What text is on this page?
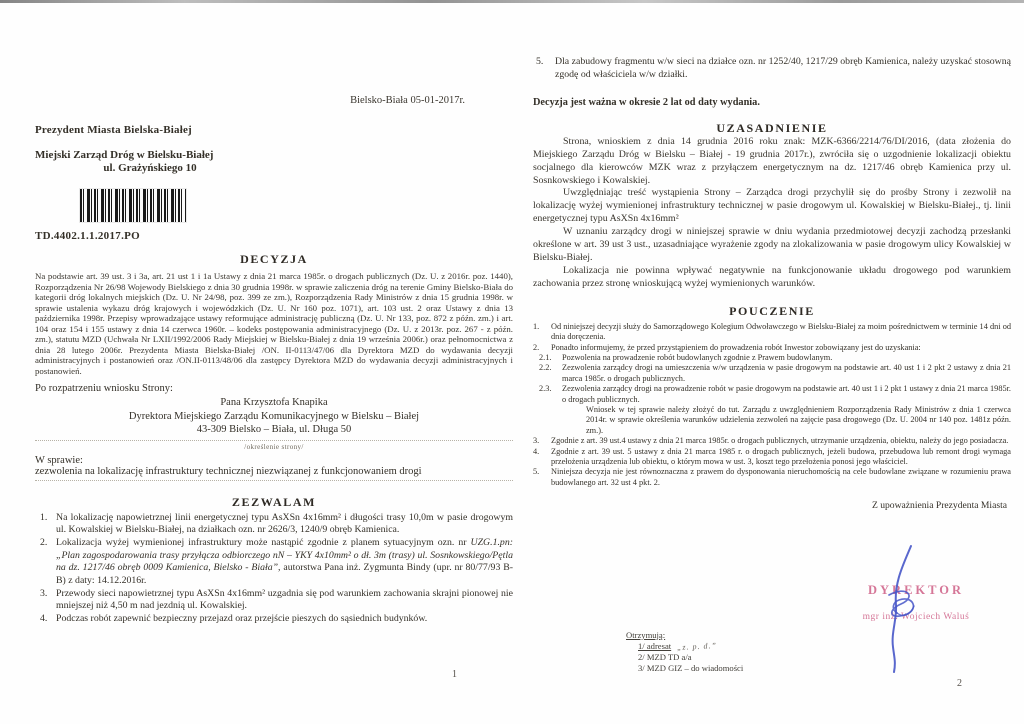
Bielsko-Biała 05-01-2017r.
Prezydent Miasta Bielska-Białej
Miejski Zarząd Dróg w Bielsku-Białej
ul. Grażyńskiego 10
TD.4402.1.1.2017.PO
DECYZJA
Na podstawie art. 39 ust. 3 i 3a, art. 21 ust 1 i 1a Ustawy z dnia 21 marca 1985r. o drogach publicznych (Dz. U. z 2016r. poz. 1440), Rozporządzenia Nr 26/98 Wojewody Bielskiego z dnia 30 grudnia 1998r. w sprawie zaliczenia dróg na terenie Gminy Bielsko-Biała do kategorii dróg lokalnych miejskich (Dz. U. Nr 24/98, poz. 399 ze zm.), Rozporządzenia Rady Ministrów z dnia 15 grudnia 1998r. w sprawie ustalenia wykazu dróg krajowych i wojewódzkich (Dz. U. Nr 160 poz. 1071), art. 103 ust. 2 oraz Ustawy z dnia 13 października 1998r. Przepisy wprowadzające ustawy reformujące administrację publiczną (Dz. U. Nr 133, poz. 872 z późn. zm.) i art. 104 oraz 154 i 155 ustawy z dnia 14 czerwca 1960r. – kodeks postępowania administracyjnego (Dz. U. z 2013r. poz. 267 - z późn. zm.), statutu MZD (Uchwała Nr LXII/1992/2006 Rady Miejskiej w Bielsku-Białej z dnia 19 września 2006r.) oraz pełnomocnictwa z dnia 28 lutego 2006r. Prezydenta Miasta Bielska-Białej /ON. II-0113/47/06 dla Dyrektora MZD do wydawania decyzji administracyjnych i postanowień oraz /ON.II-0113/48/06 dla zastępcy Dyrektora MZD do wydawania decyzji administracyjnych i postanowień.
Po rozpatrzeniu wniosku Strony:
Pana Krzysztofa Knapika
Dyrektora Miejskiego Zarządu Komunikacyjnego w Bielsku – Białej
43-309 Bielsko – Biała, ul. Długa 50
/określenie strony/
W sprawie:
zezwolenia na lokalizację infrastruktury technicznej niezwiązanej z funkcjonowaniem drogi
ZEZWALAM
1. Na lokalizację napowietrznej linii energetycznej typu AsXSn 4x16mm² i długości trasy 10,0m w pasie drogowym ul. Kowalskiej w Bielsku-Białej, na działkach ozn. nr 2626/3, 1240/9 obręb Kamienica.
2. Lokalizacja wyżej wymienionej infrastruktury może nastąpić zgodnie z planem sytuacyjnym ozn. nr UZG.1.pn: „Plan zagospodarowania trasy przyłącza odbiorczego nN – YKY 4x10mm² o dł. 3m (trasy) ul. Sosnkowskiego/Pętla na dz. 1217/46 obręb 0009 Kamienica, Bielsko - Biała”, autorstwa Pana inż. Zygmunta Bindy (upr. nr 80/77/93 B-B) z daty: 14.12.2016r.
3. Przewody sieci napowietrznej typu AsXSn 4x16mm² uzgadnia się pod warunkiem zachowania skrajni pionowej nie mniejszej niż 4,50 m nad jezdnią ul. Kowalskiej.
4. Podczas robót zapewnić bezpieczny przejazd oraz przejście pieszych do sąsiednich budynków.
1
5.	Dla zabudowy fragmentu w/w sieci na działce ozn. nr 1252/40, 1217/29 obręb Kamienica, należy uzyskać stosowną zgodę od właściciela w/w działki.
Decyzja jest ważna w okresie 2 lat od daty wydania.
UZASADNIENIE
Strona, wnioskiem z dnia 14 grudnia 2016 roku znak: MZK-6366/2214/76/DI/2016, (data złożenia do Miejskiego Zarządu Dróg w Bielsku – Białej - 19 grudnia 2017r.), zwróciła się o uzgodnienie lokalizacji obiektu socjalnego dla kierowców MZK wraz z przyłączem energetycznym na dz. 1217/46 obręb Kamienica przy ul. Sosnkowskiego i Kowalskiej.
Uwzględniając treść wystąpienia Strony – Zarządca drogi przychylił się do prośby Strony i zezwolił na lokalizację wyżej wymienionej infrastruktury technicznej w pasie drogowym ul. Kowalskiej w Bielsku-Białej., tj. linii energetycznej typu AsXSn 4x16mm²
W uznaniu zarządcy drogi w niniejszej sprawie w dniu wydania przedmiotowej decyzji zachodzą przesłanki określone w art. 39 ust 3 ust., uzasadniające wyrażenie zgody na zlokalizowania w pasie drogowym ulicy Kowalskiej w Bielsku-Białej.
Lokalizacja nie powinna wpływać negatywnie na funkcjonowanie układu drogowego pod warunkiem zachowania przez stronę wnioskującą wyżej wymienionych warunków.
POUCZENIE
1.	Od niniejszej decyzji służy do Samorządowego Kolegium Odwoławczego w Bielsku-Białej za moim pośrednictwem w terminie 14 dni od dnia doręczenia.
2.	Ponadto informujemy, że przed przystąpieniem do prowadzenia robót Inwestor zobowiązany jest do uzyskania:
2.1.	Pozwolenia na prowadzenie robót budowlanych zgodnie z Prawem budowlanym.
2.2.	Zezwolenia zarządcy drogi na umieszczenia w/w urządzenia w pasie drogowym na podstawie art. 40 ust 1 i 2 pkt 2 ustawy z dnia 21 marca 1985r. o drogach publicznych.
2.3.	Zezwolenia zarządcy drogi na prowadzenie robót w pasie drogowym na podstawie art. 40 ust 1 i 2 pkt 1 ustawy z dnia 21 marca 1985r. o drogach publicznych.
Wniosek w tej sprawie należy złożyć do tut. Zarządu z uwzględnieniem Rozporządzenia Rady Ministrów z dnia 1 czerwca 2014r. w sprawie określenia warunków udzielenia zezwoleń na zajęcie pasa drogowego (Dz. U. 2004 nr 140 poz. 1481z późn. zm.).
3.	Zgodnie z art. 39 ust.4 ustawy z dnia 21 marca 1985r. o drogach publicznych, utrzymanie urządzenia, obiektu, należy do jego posiadacza.
4.	Zgodnie z art. 39 ust. 5 ustawy z dnia 21 marca 1985 r. o drogach publicznych, jeżeli budowa, przebudowa lub remont drogi wymaga przełożenia urządzenia lub obiektu, o którym mowa w ust. 3, koszt tego przełożenia ponosi jego właściciel.
5.	Niniejsza decyzja nie jest równoznaczna z prawem do dysponowania nieruchomością na cele budowlane związane w rozumieniu prawa budowlanego art. 32 ust 4 pkt. 2.
Z upoważnienia Prezydenta Miasta
DYREKTOR
mgr inż. Wojciech Waluś
Otrzymują:
1/ adresat „z. p. d.”
2/ MZD TD a/a
3/ MZD GIZ – do wiadomości
2
